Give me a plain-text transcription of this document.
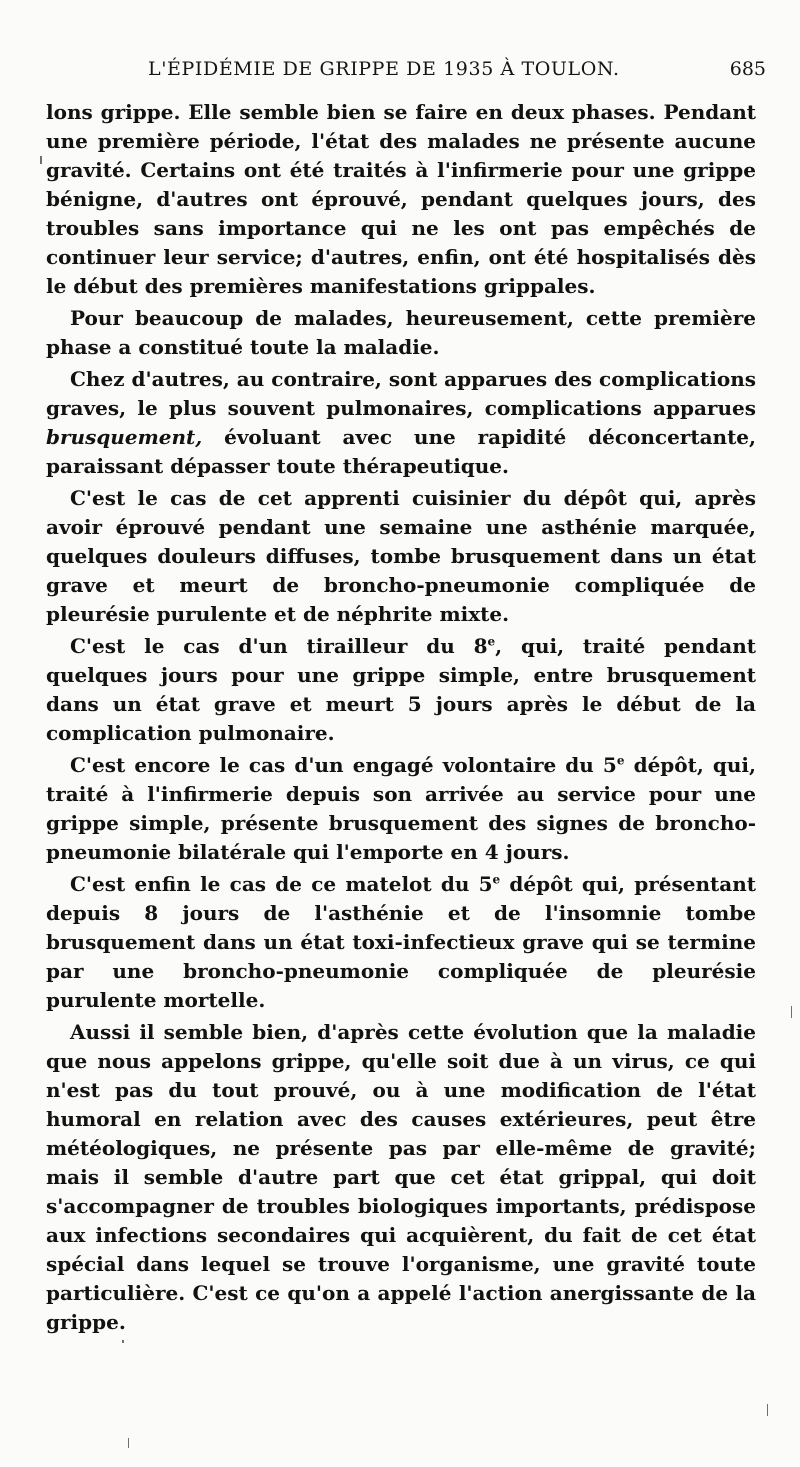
L'ÉPIDÉMIE DE GRIPPE DE 1935 À TOULON.	685

lons grippe. Elle semble bien se faire en deux phases. Pendant une première période, l'état des malades ne présente aucune gravité. Certains ont été traités à l'infirmerie pour une grippe bénigne, d'autres ont éprouvé, pendant quelques jours, des troubles sans importance qui ne les ont pas empêchés de continuer leur service; d'autres, enfin, ont été hospitalisés dès le début des premières manifestations grippales.

Pour beaucoup de malades, heureusement, cette première phase a constitué toute la maladie.

Chez d'autres, au contraire, sont apparues des complications graves, le plus souvent pulmonaires, complications apparues brusquement, évoluant avec une rapidité déconcertante, paraissant dépasser toute thérapeutique.

C'est le cas de cet apprenti cuisinier du dépôt qui, après avoir éprouvé pendant une semaine une asthénie marquée, quelques douleurs diffuses, tombe brusquement dans un état grave et meurt de broncho-pneumonie compliquée de pleurésie purulente et de néphrite mixte.

C'est le cas d'un tirailleur du 8e, qui, traité pendant quelques jours pour une grippe simple, entre brusquement dans un état grave et meurt 5 jours après le début de la complication pulmonaire.

C'est encore le cas d'un engagé volontaire du 5e dépôt, qui, traité à l'infirmerie depuis son arrivée au service pour une grippe simple, présente brusquement des signes de broncho-pneumonie bilatérale qui l'emporte en 4 jours.

C'est enfin le cas de ce matelot du 5e dépôt qui, présentant depuis 8 jours de l'asthénie et de l'insomnie tombe brusquement dans un état toxi-infectieux grave qui se termine par une broncho-pneumonie compliquée de pleurésie purulente mortelle.

Aussi il semble bien, d'après cette évolution que la maladie que nous appelons grippe, qu'elle soit due à un virus, ce qui n'est pas du tout prouvé, ou à une modification de l'état humoral en relation avec des causes extérieures, peut être météologiques, ne présente pas par elle-même de gravité; mais il semble d'autre part que cet état grippal, qui doit s'accompagner de troubles biologiques importants, prédispose aux infections secondaires qui acquièrent, du fait de cet état spécial dans lequel se trouve l'organisme, une gravité toute particulière. C'est ce qu'on a appelé l'action anergissante de la grippe.
